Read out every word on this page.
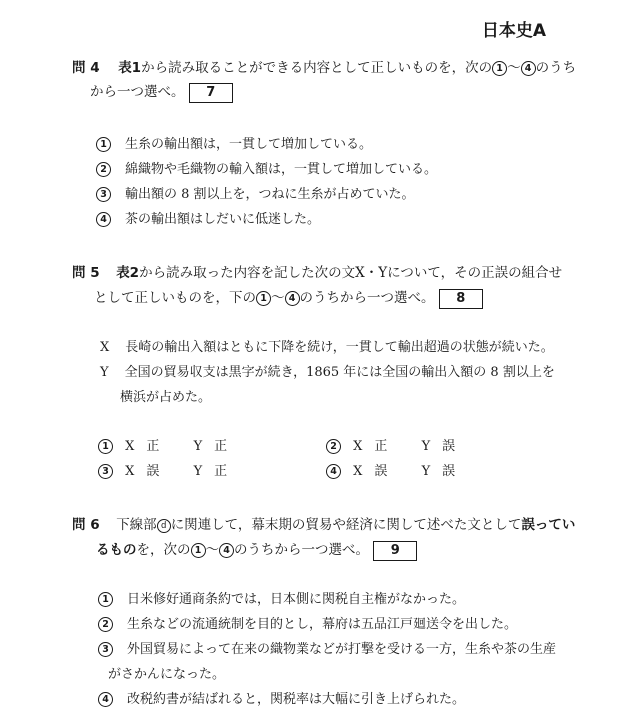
日本史A
問 4 表1から読み取ることができる内容として正しいものを，次の 1 〜 4 のうち
から一つ選べ。 7
1 生糸の輸出額は，一貫して増加している。
2 綿織物や毛織物の輸入額は，一貫して増加している。
3 輸出額の 8 割以上を，つねに生糸が占めていた。
4 茶の輸出額はしだいに低迷した。
問 5 表2から読み取った内容を記した次の文X・Yについて，その正誤の組合せ
として正しいものを，下の 1 〜 4 のうちから一つ選べ。 8
X 長崎の輸出入額はともに下降を続け，一貫して輸出超過の状態が続いた。
Y 全国の貿易収支は黒字が続き，1865 年には全国の輸出入額の 8 割以上を
横浜が占めた。
1 X 正	Y 正	2 X 正	Y 誤
3 X 誤	Y 正	4 X 誤	Y 誤
問 6 下線部 d に関連して，幕末期の貿易や経済に関して述べた文として誤ってい
るものを，次の 1 〜 4 のうちから一つ選べ。 9
1 日米修好通商条約では，日本側に関税自主権がなかった。
2 生糸などの流通統制を目的とし，幕府は五品江戸廻送令を出した。
3 外国貿易によって在来の織物業などが打撃を受ける一方，生糸や茶の生産
がさかんになった。
4 改税約書が結ばれると，関税率は大幅に引き上げられた。
